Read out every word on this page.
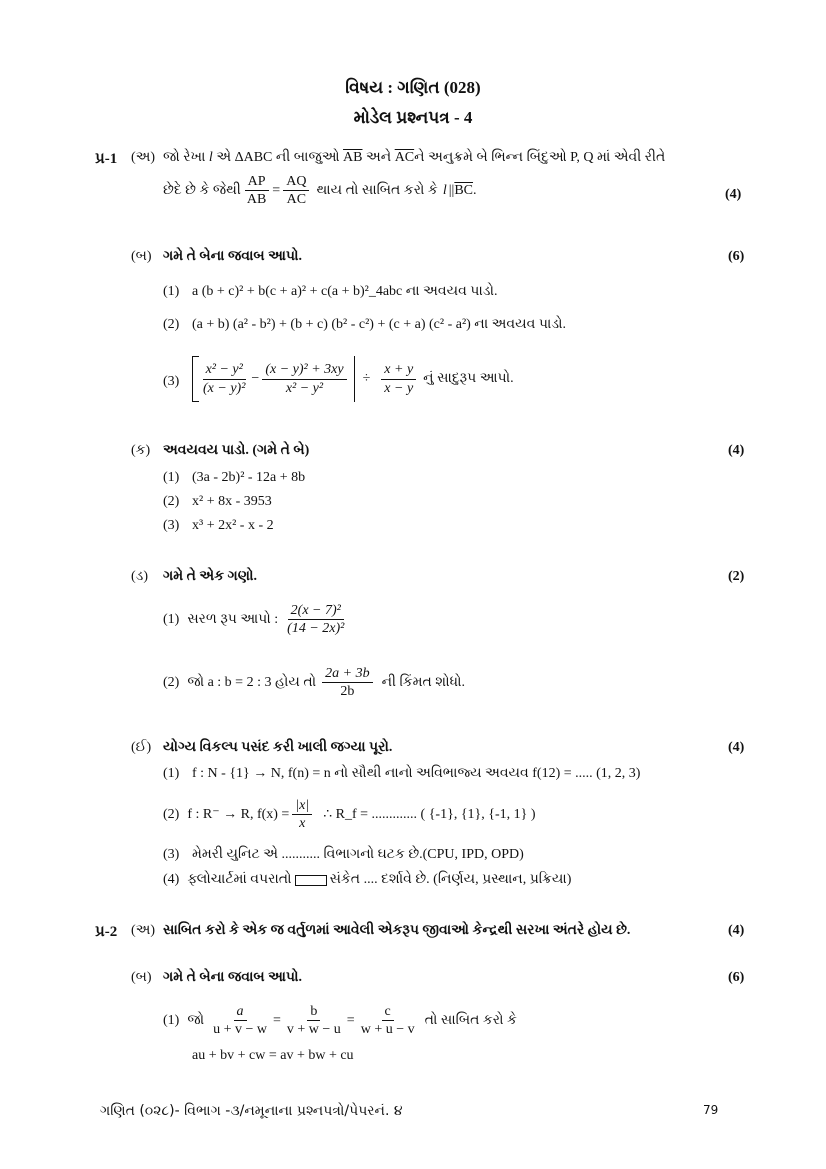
વિષય : ગણિત (028)
મોડેલ પ્રશ્નપત્ર - 4
પ્ર-1 (અ) જો રેખા l એ ΔABC ની બાજુઓ $\overline{AB}$ અને $\overline{AC}ને$ અનુક્રમે બે ભિન્ન બિંદુઓ P, Q માં એવી રીતે
છેદે છે કે જેથી $\frac{AP}{AB} = \frac{AQ}{AC}$ થાય તો સાબિત કરો કે l || $\overline{BC}$ .	(4)
(બ) ગમે તે બેના જવાબ આપો.	(6)
(1) a (b + c)² + b(c + a)² + c(a + b)²_4abc ના અવયવ પાડો.
(2) (a + b) (a² - b²) + (b + c) (b² - c²) + (c + a) (c² - a²) ના અવયવ પાડો.
$(3) \frac{\text{x² − y²}}{\text{(x − y)²}} - \frac{\text{(x − y)² + 3xy}}{\text{x² − y²}} \div \frac{x + y}{x - y}$ નું સાદુરૂપ આપો.
(ક) અવયવય પાડો. (ગમે તે બે)	(4)
(1) (3a - 2b)² - 12a + 8b
(2) x² + 8x - 3953
(3) x³ + 2x² - x - 2
(ડ) ગમે તે એક ગણો.	(2)
(1) સરળ રૂપ આપો : $\frac{\text{2(x − 7)²}}{\text{(14 − 2x)²}}$
(2) જો a : b = 2 : 3 હોય તો $\frac{2a + 3b}{2b}$ ની કિંમત શોધો.
(ઈ) યોગ્ય વિકલ્પ પસંદ કરી ખાલી જગ્યા પૂરો.	(4)
(1) f : N - {1} → N, f(n) = n નો સૌથી નાનો અવિભાજ્ય અવયવ f(12) = ..... (1, 2, 3)
(2) f : R⁻ → R, $f(x) = \frac{|x|}{x}$ ∴ R_f = ............. ( {-1}, {1}, {-1, 1} )
(3) મેમરી યુનિટ એ ........... વિભાગનો ઘટક છે.(CPU, IPD, OPD)
(4) ફ્લોચાર્ટમાં વપરાતો	સંકેત .... દર્શાવે છે. (નિર્ણય, પ્રસ્થાન, પ્રક્રિયા)
પ્ર-2 (અ) સાબિત કરો કે એક જ વર્તુળમાં આવેલી એકરૂપ જીવાઓ કેન્દ્રથી સરખા અંતરે હોય છે.	(4)
(બ) ગમે તે બેના જવાબ આપો.	(6)
(1) જો $\frac{a}{u + v - w} = \frac{b}{v + w - u} = \frac{c}{w + u - v}$ તો સાબિત કરો કે
au + bv + cw = av + bw + cu
ગણિત (૦૨૮)- વિભાગ -૩/નમૂનાના પ્રશ્નપત્રો/પેપરનં. ૪	79
